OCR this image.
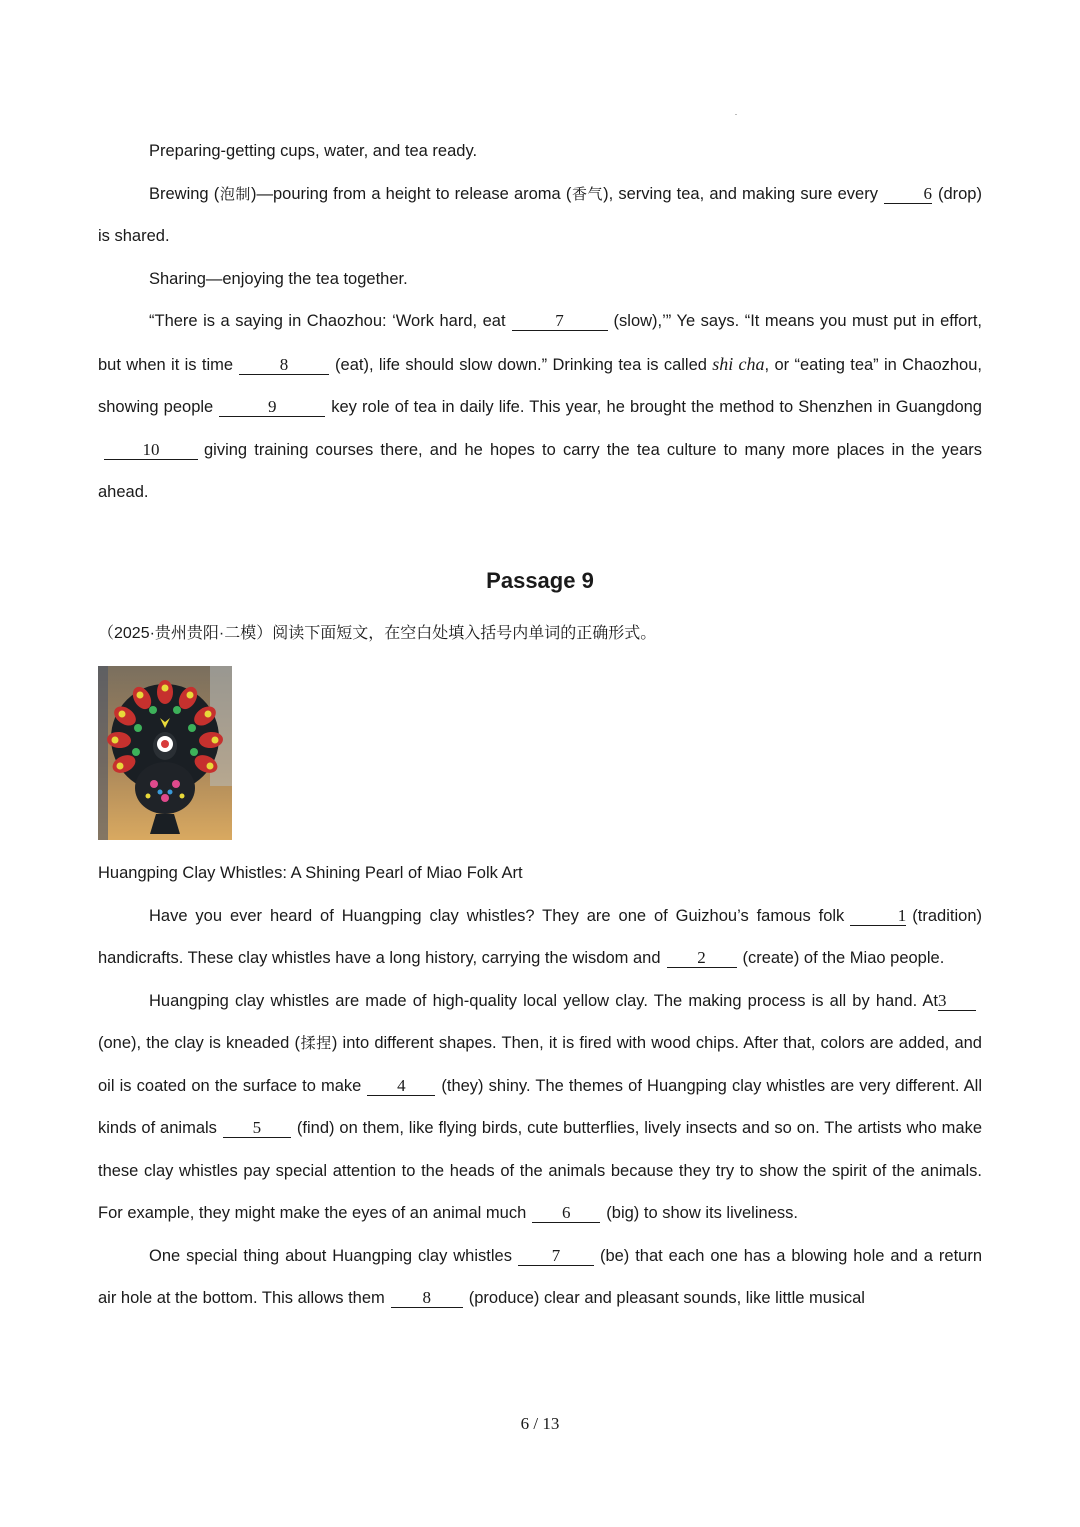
Preparing-getting cups, water, and tea ready.

Brewing (泡制)—pouring from a height to release aroma (香气), serving tea, and making sure every	6 (drop) is shared.

Sharing—enjoying the tea together.

“There is a saying in Chaozhou: ‘Work hard, eat	7	(slow),’” Ye says. “It means you must put in effort, but when it is time	8	(eat), life should slow down.” Drinking tea is called shi cha, or “eating tea” in Chaozhou, showing people	9	key role of tea in daily life. This year, he brought the method to Shenzhen in Guangdong10	giving training courses there, and he hopes to carry the tea culture to many more places in the years ahead.

Passage 9
（2025·贵州贵阳·二模）阅读下面短文，在空白处填入括号内单词的正确形式。

Huangping Clay Whistles: A Shining Pearl of Miao Folk Art

Have you ever heard of Huangping clay whistles? They are one of Guizhou’s famous folk	1 (tradition) handicrafts. These clay whistles have a long history, carrying the wisdom and 2 (create) of the Miao people.

Huangping clay whistles are made of high-quality local yellow clay. The making process is all by hand. At3(one), the clay is kneaded (揉捏) into different shapes. Then, it is fired with wood chips. After that, colors are added, and oil is coated on the surface to make 4 (they) shiny. The themes of Huangping clay whistles are very different. All kinds of animals 5 (find) on them, like flying birds, cute butterflies, lively insects and so on. The artists who make these clay whistles pay special attention to the heads of the animals because they try to show the spirit of the animals. For example, they might make the eyes of an animal much 6 (big) to show its liveliness.

One special thing about Huangping clay whistles 7 (be) that each one has a blowing hole and a return air hole at the bottom. This allows them 8 (produce) clear and pleasant sounds, like little musical

6 / 13
